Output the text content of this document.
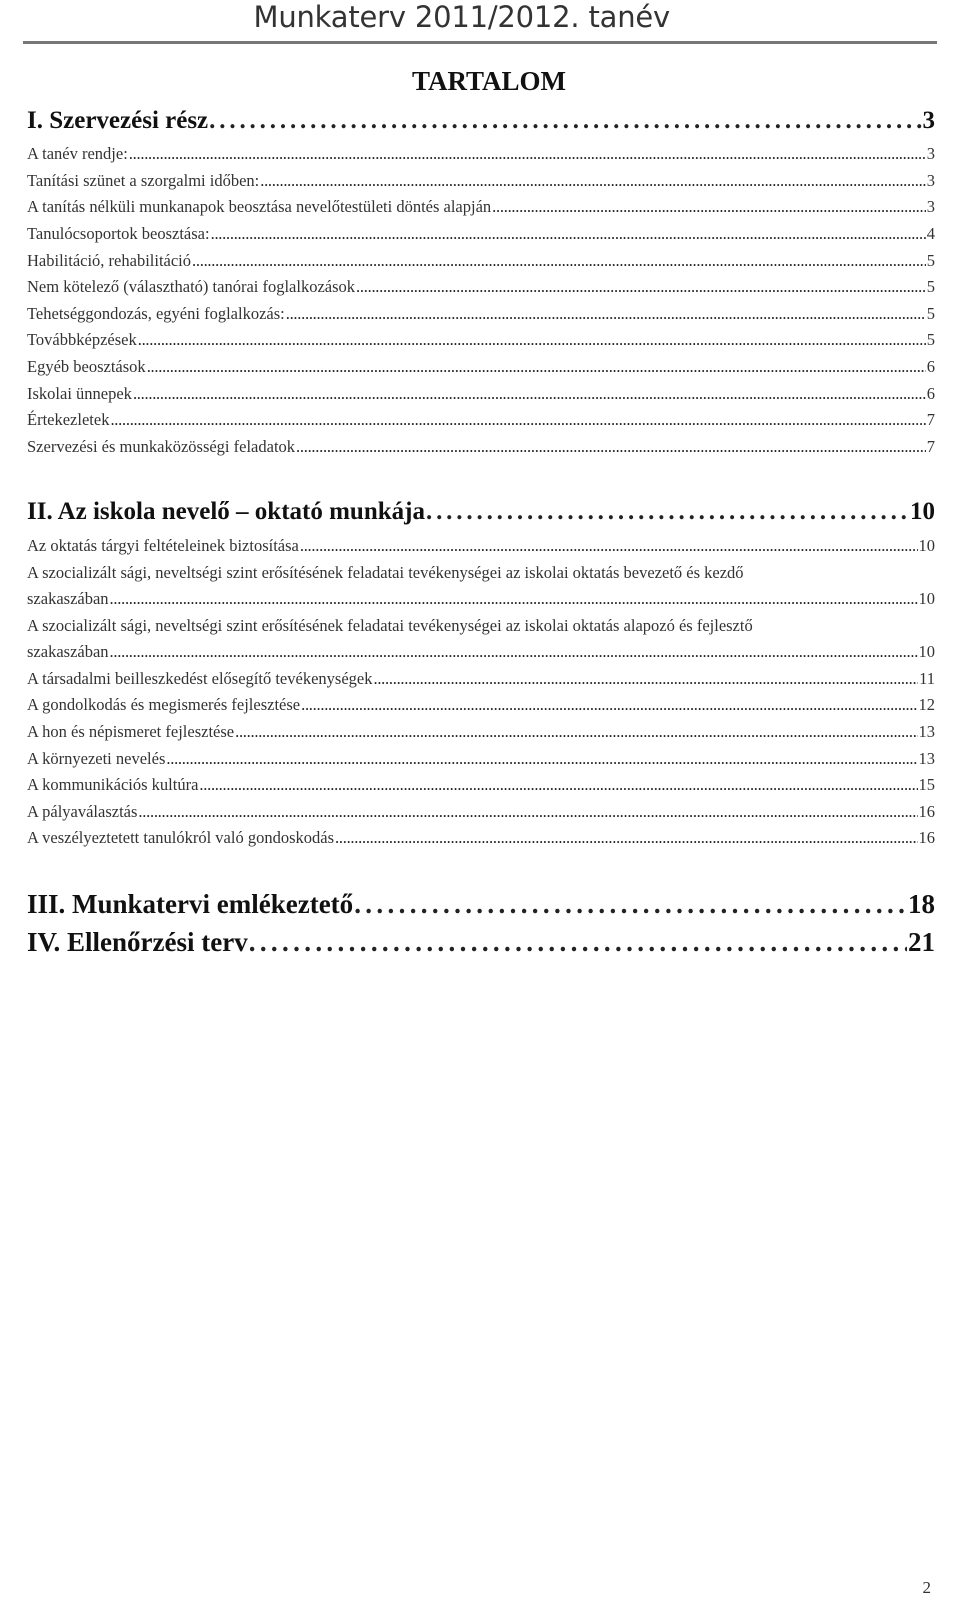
Munkaterv 2011/2012. tanév
TARTALOM
I. Szervezési rész . . .	3
A tanév rendje: . . .	3
Tanítási szünet a szorgalmi időben: . . .	3
A tanítás nélküli munkanapok beosztása nevelőtestületi döntés alapján . . .	3
Tanulócsoportok beosztása: . . .	4
Habilitáció, rehabilitáció . . .	5
Nem kötelező (választható) tanórai foglalkozások . . .	5
Tehetséggondozás, egyéni foglalkozás: . . .	5
Továbbképzések . . .	5
Egyéb beosztások . . .	6
Iskolai ünnepek . . .	6
Értekezletek . . .	7
Szervezési és munkaközösségi feladatok . . .	7
II. Az iskola nevelő – oktató munkája . . .	10
Az oktatás tárgyi feltételeinek biztosítása . . .	10
A szocializált sági, neveltségi szint erősítésének feladatai tevékenységei az iskolai oktatás bevezető és kezdő
szakaszában . . .	10
A szocializált sági, neveltségi szint erősítésének feladatai tevékenységei az iskolai oktatás alapozó és fejlesztő
szakaszában . . .	10
A társadalmi beilleszkedést elősegítő tevékenységek . . .	11
A gondolkodás és megismerés fejlesztése . . .	12
A hon és népismeret fejlesztése . . .	13
A környezeti nevelés . . .	13
A kommunikációs kultúra . . .	15
A pályaválasztás . . .	16
A veszélyeztetett tanulókról való gondoskodás . . .	16
III. Munkatervi emlékeztető . . .	18
IV. Ellenőrzési terv . . .	21
2
